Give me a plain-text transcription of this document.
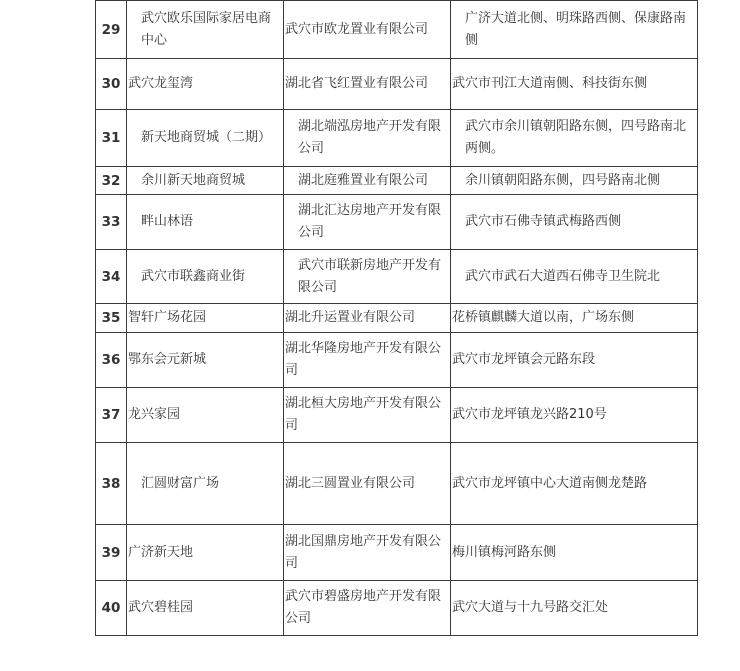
29	武穴欧乐国际家居电商中心	武穴市欧龙置业有限公司	广济大道北侧、明珠路西侧、保康路南侧
30	武穴龙玺湾	湖北省飞红置业有限公司	武穴市刊江大道南侧、科技街东侧
31	新天地商贸城（二期）	湖北端泓房地产开发有限公司	武穴市余川镇朝阳路东侧，四号路南北两侧。
32	余川新天地商贸城	湖北庭雅置业有限公司	余川镇朝阳路东侧，四号路南北侧
33	畔山林语	湖北汇达房地产开发有限公司	武穴市石佛寺镇武梅路西侧
34	武穴市联鑫商业街	武穴市联新房地产开发有限公司	武穴市武石大道西石佛寺卫生院北
35	智轩广场花园	湖北升运置业有限公司	花桥镇麒麟大道以南，广场东侧
36	鄂东会元新城	湖北华隆房地产开发有限公司	武穴市龙坪镇会元路东段
37	龙兴家园	湖北桓大房地产开发有限公司	武穴市龙坪镇龙兴路210号
38	汇圆财富广场	湖北三圆置业有限公司	武穴市龙坪镇中心大道南侧龙楚路
39	广济新天地	湖北国鼎房地产开发有限公司	梅川镇梅河路东侧
40	武穴碧桂园	武穴市碧盛房地产开发有限公司	武穴大道与十九号路交汇处
